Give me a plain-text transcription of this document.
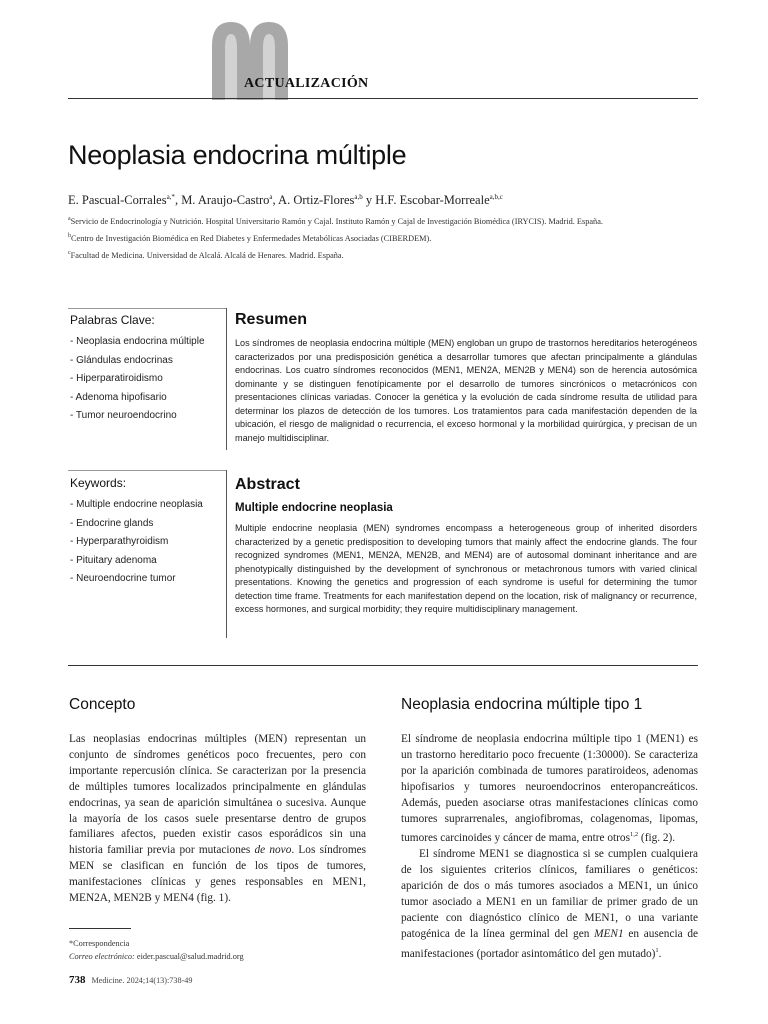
ACTUALIZACIÓN
Neoplasia endocrina múltiple
E. Pascual-Corrales$^{a,*}$, M. Araujo-Castro$^a$, A. Ortiz-Flores$^{a,b}$ y H.F. Escobar-Morreale$^{a,b,c}$
$^a$Servicio de Endocrinología y Nutrición. Hospital Universitario Ramón y Cajal. Instituto Ramón y Cajal de Investigación Biomédica (IRYCIS). Madrid. España.
$^b$Centro de Investigación Biomédica en Red Diabetes y Enfermedades Metabólicas Asociadas (CIBERDEM).
$^c$Facultad de Medicina. Universidad de Alcalá. Alcalá de Henares. Madrid. España.
Palabras Clave:
- Neoplasia endocrina múltiple
- Glándulas endocrinas
- Hiperparatiroidismo
- Adenoma hipofisario
- Tumor neuroendocrino
Keywords:
- Multiple endocrine neoplasia
- Endocrine glands
- Hyperparathyroidism
- Pituitary adenoma
- Neuroendocrine tumor
Resumen

Los síndromes de neoplasia endocrina múltiple (MEN) engloban un grupo de trastornos hereditarios heterogéneos caracterizados por una predisposición genética a desarrollar tumores que afectan principalmente a glándulas endocrinas. Los cuatro síndromes reconocidos (MEN1, MEN2A, MEN2B y MEN4) son de herencia autosómica dominante y se distinguen fenotípicamente por el desarrollo de tumores sincrónicos o metacrónicos con presentaciones clínicas variadas. Conocer la genética y la evolución de cada síndrome resulta de utilidad para determinar los plazos de detección de los tumores. Los tratamientos para cada manifestación dependen de la ubicación, el riesgo de malignidad o recurrencia, el exceso hormonal y la morbilidad quirúrgica, y precisan de un manejo multidisciplinar.

Abstract
Multiple endocrine neoplasia

Multiple endocrine neoplasia (MEN) syndromes encompass a heterogeneous group of inherited disorders characterized by a genetic predisposition to developing tumors that mainly affect the endocrine glands. The four recognized syndromes (MEN1, MEN2A, MEN2B, and MEN4) are of autosomal dominant inheritance and are phenotypically distinguished by the development of synchronous or metachronous tumors with varied clinical presentations. Knowing the genetics and progression of each syndrome is useful for determining the tumor detection time frame. Treatments for each manifestation depend on the location, risk of malignancy or recurrence, excess hormones, and surgical morbidity; they require multidisciplinary management.

Concepto

Las neoplasias endocrinas múltiples (MEN) representan un conjunto de síndromes genéticos poco frecuentes, pero con importante repercusión clínica. Se caracterizan por la presencia de múltiples tumores localizados principalmente en glándulas endocrinas, ya sean de aparición simultánea o sucesiva. Aunque la mayoría de los casos suele presentarse dentro de grupos familiares afectos, pueden existir casos esporádicos sin una historia familiar previa por mutaciones de novo. Los síndromes MEN se clasifican en función de los tipos de tumores, manifestaciones clínicas y genes responsables en MEN1, MEN2A, MEN2B y MEN4 (fig. 1).

Neoplasia endocrina múltiple tipo 1

El síndrome de neoplasia endocrina múltiple tipo 1 (MEN1) es un trastorno hereditario poco frecuente (1:30000). Se caracteriza por la aparición combinada de tumores paratiroideos, adenomas hipofisarios y tumores neuroendocrinos enteropancreáticos. Además, pueden asociarse otras manifestaciones clínicas como tumores suprarrenales, angiofibromas, colagenomas, lipomas, tumores carcinoides y cáncer de mama, entre otros$^{1,2}$ (fig. 2).

El síndrome MEN1 se diagnostica si se cumplen cualquiera de los siguientes criterios clínicos, familiares o genéticos: aparición de dos o más tumores asociados a MEN1, un único tumor asociado a MEN1 en un familiar de primer grado de un paciente con diagnóstico clínico de MEN1, o una variante patogénica de la línea germinal del gen MEN1 en ausencia de manifestaciones (portador asintomático del gen mutado)$^1$.

*Correspondencia
Correo electrónico: eider.pascual@salud.madrid.org
738 Medicine. 2024;14(13):738-49
